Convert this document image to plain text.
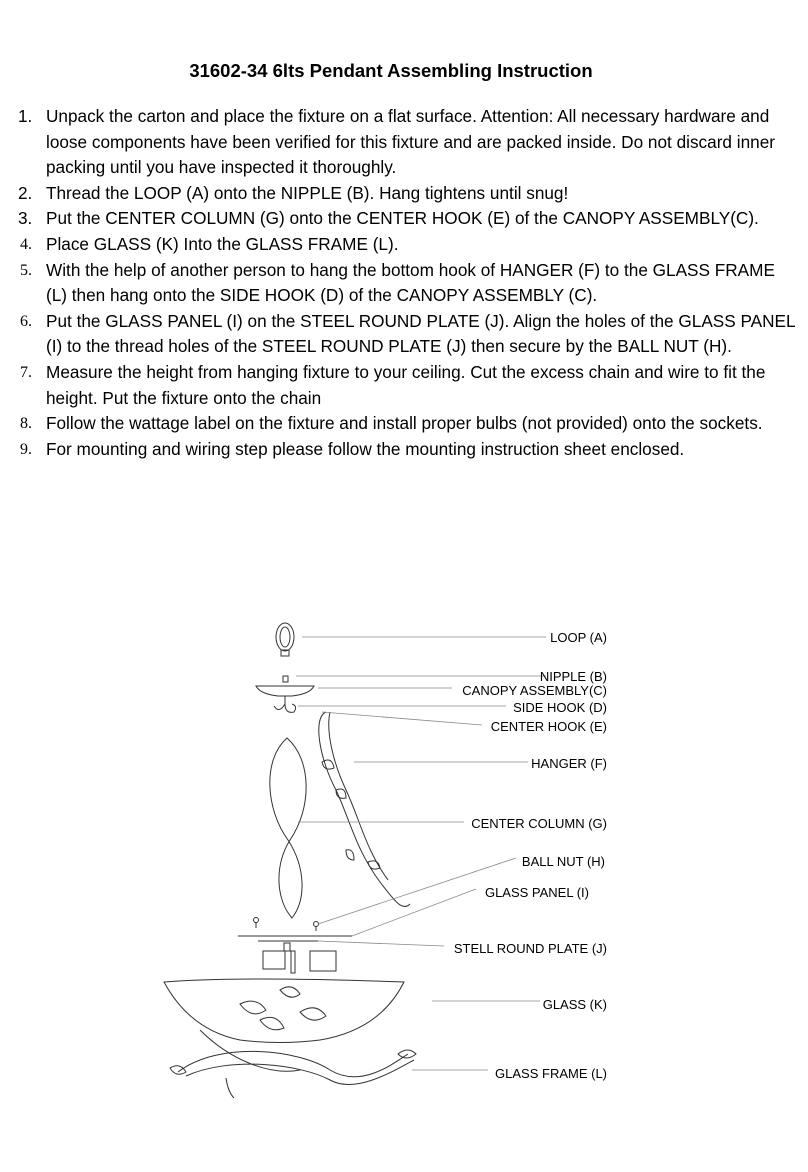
31602-34 6lts Pendant Assembling Instruction
1. Unpack the carton and place the fixture on a flat surface. Attention: All necessary hardware and loose components have been verified for this fixture and are packed inside. Do not discard inner packing until you have inspected it thoroughly.
2. Thread the LOOP (A) onto the NIPPLE (B). Hang tightens until snug!
3. Put the CENTER COLUMN (G) onto the CENTER HOOK (E) of the CANOPY ASSEMBLY(C).
4. Place GLASS (K) Into the GLASS FRAME (L).
5. With the help of another person to hang the bottom hook of HANGER (F) to the GLASS FRAME (L) then hang onto the SIDE HOOK (D) of the CANOPY ASSEMBLY (C).
6. Put the GLASS PANEL (I) on the STEEL ROUND PLATE (J). Align the holes of the GLASS PANEL (I) to the thread holes of the STEEL ROUND PLATE (J) then secure by the BALL NUT (H).
7. Measure the height from hanging fixture to your ceiling. Cut the excess chain and wire to fit the height. Put the fixture onto the chain
8. Follow the wattage label on the fixture and install proper bulbs (not provided) onto the sockets.
9. For mounting and wiring step please follow the mounting instruction sheet enclosed.
LOOP (A)
NIPPLE (B)
CANOPY ASSEMBLY(C)
SIDE HOOK (D)
CENTER HOOK (E)
HANGER (F)
CENTER COLUMN (G)
BALL NUT (H)
GLASS PANEL (I)
STELL ROUND PLATE (J)
GLASS (K)
GLASS FRAME (L)
